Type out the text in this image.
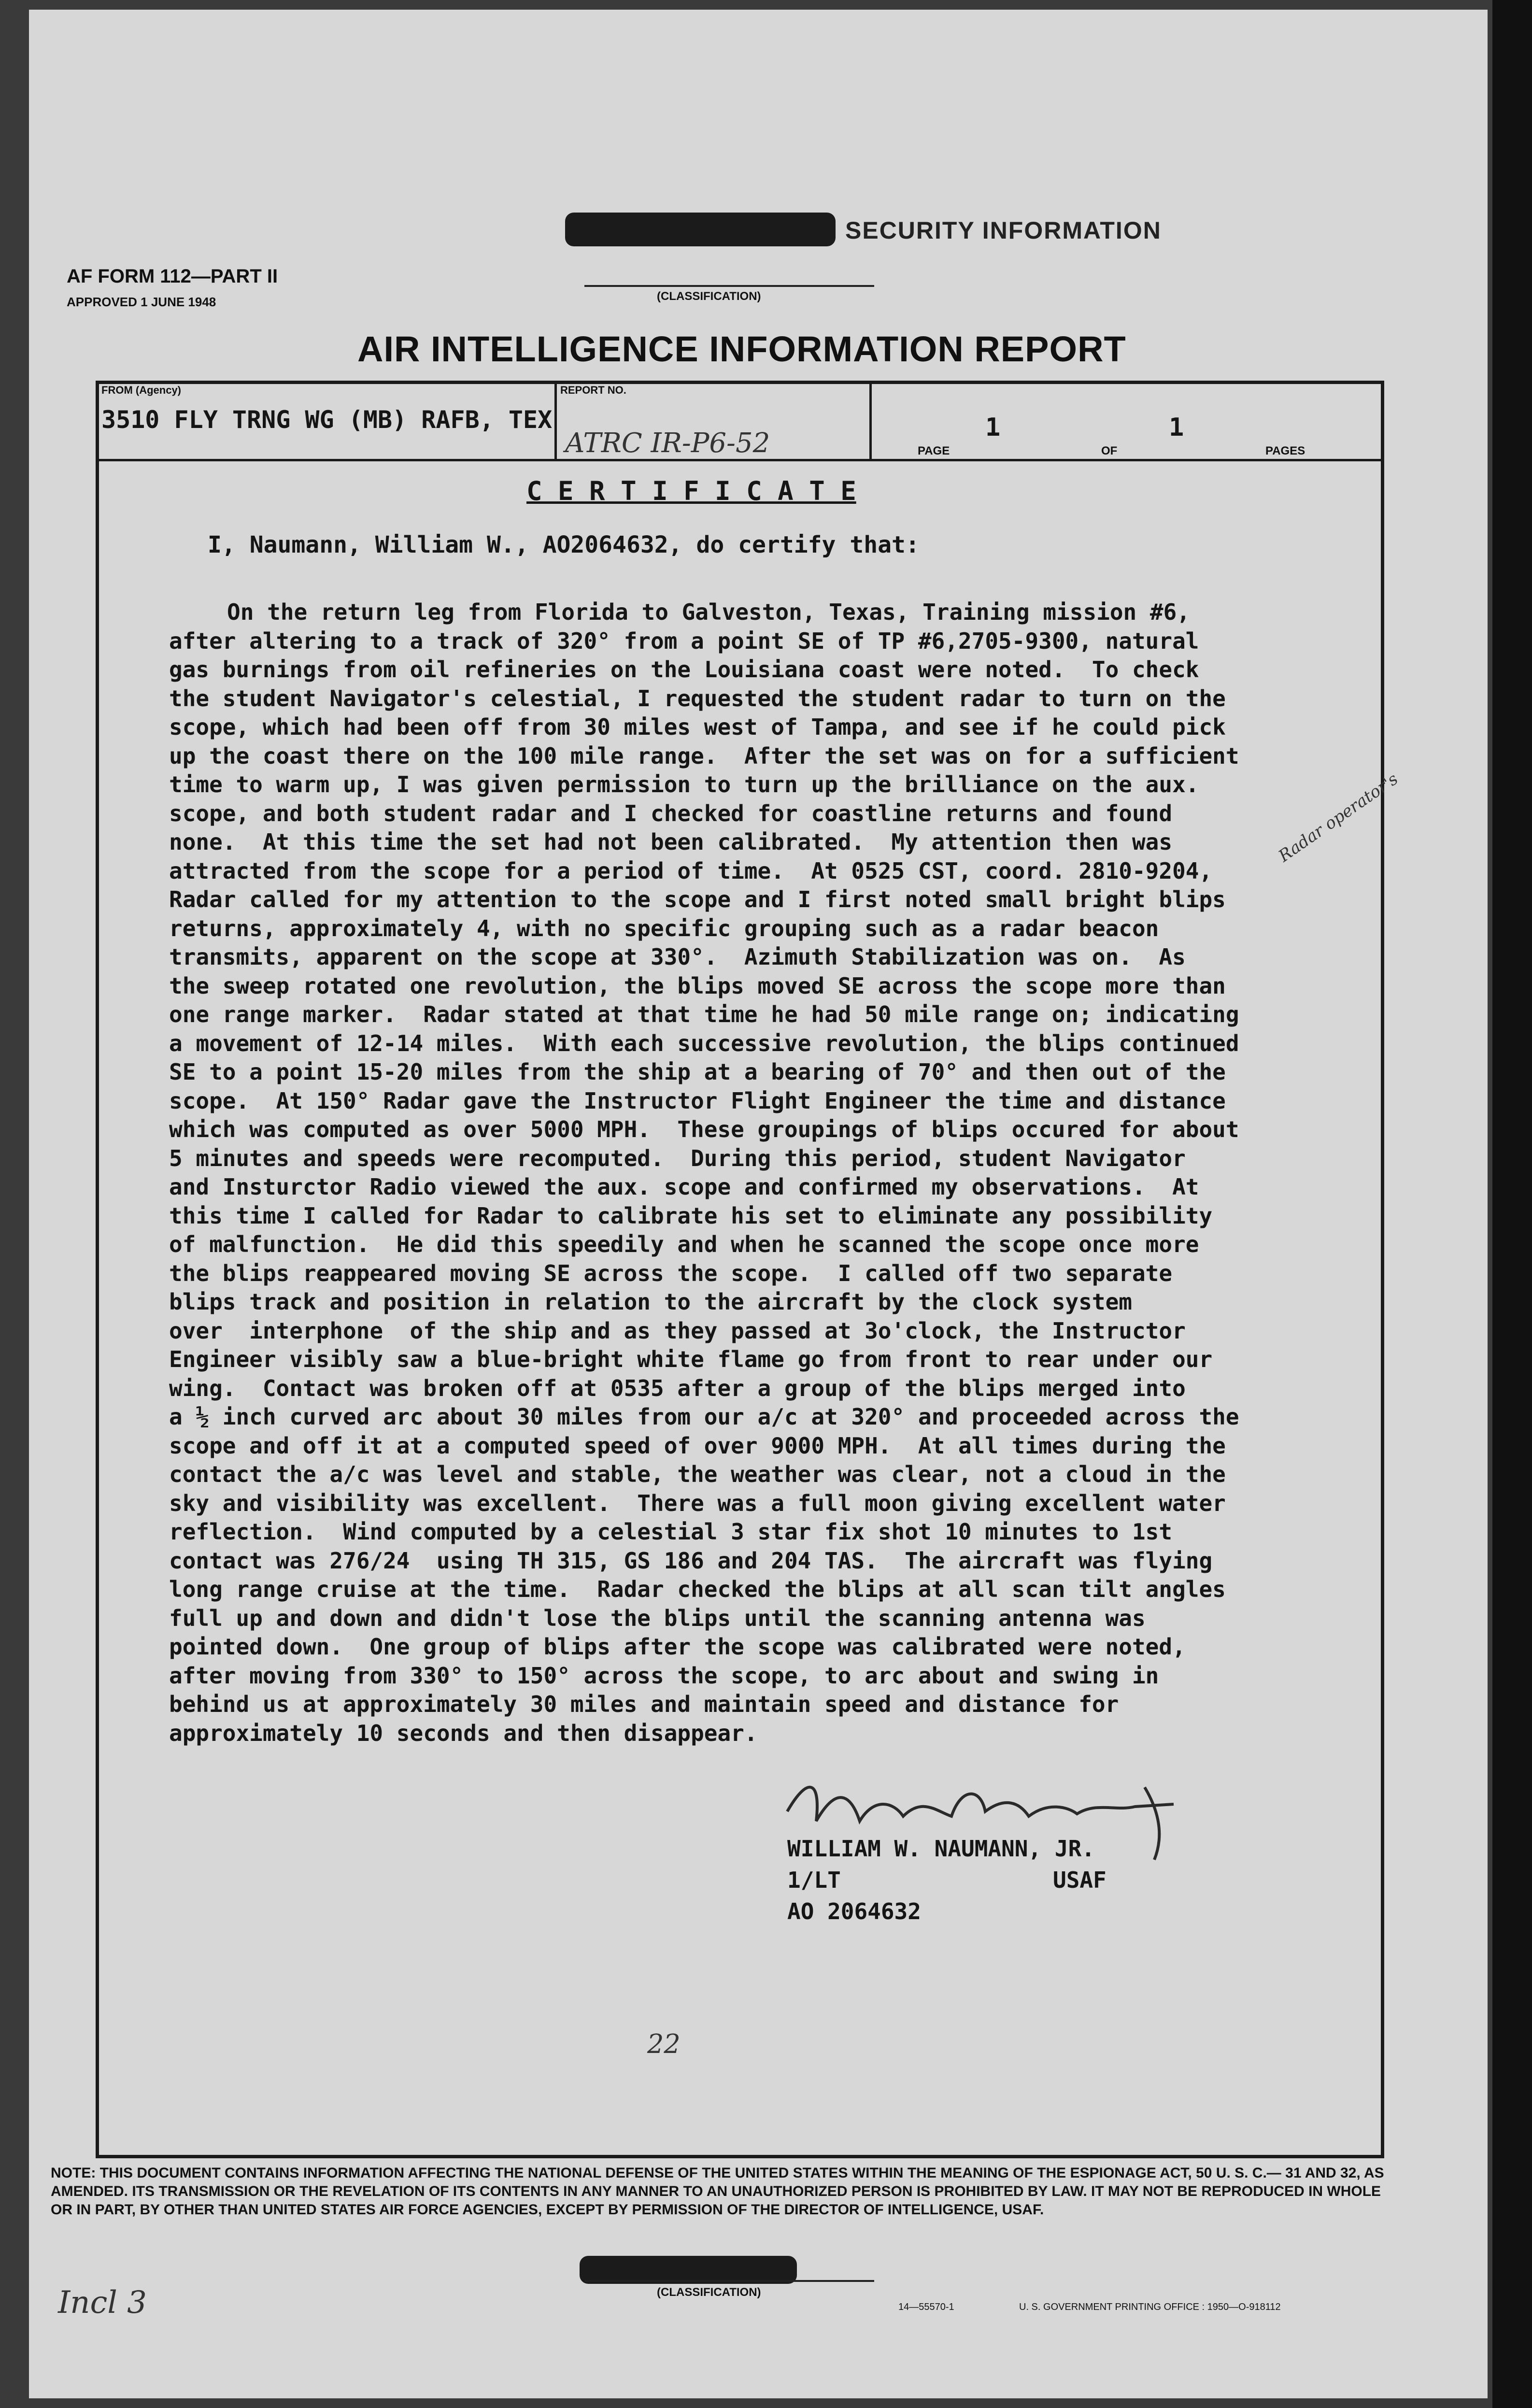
SECURITY INFORMATION
(CLASSIFICATION)
AF FORM 112—PART II
APPROVED 1 JUNE 1948
AIR INTELLIGENCE INFORMATION REPORT
FROM (Agency)
3510 FLY TRNG WG (MB) RAFB, TEX
REPORT NO.
ATRC IR-P6-52	PAGE
1
OF
1
PAGES
C E R T I F I C A T E
I, Naumann, William W., AO2064632, do certify that:
On the return leg from Florida to Galveston, Texas, Training mission #6,
after altering to a track of 320° from a point SE of TP #6,2705-9300, natural
gas burnings from oil refineries on the Louisiana coast were noted.  To check
the student Navigator's celestial, I requested the student radar to turn on the
scope, which had been off from 30 miles west of Tampa, and see if he could pick
up the coast there on the 100 mile range.  After the set was on for a sufficient
time to warm up, I was given permission to turn up the brilliance on the aux.
scope, and both student radar and I checked for coastline returns and found
none.  At this time the set had not been calibrated.  My attention then was
attracted from the scope for a period of time.  At 0525 CST, coord. 2810-9204,
Radar called for my attention to the scope and I first noted small bright blips
returns, approximately 4, with no specific grouping such as a radar beacon
transmits, apparent on the scope at 330°.  Azimuth Stabilization was on.  As
the sweep rotated one revolution, the blips moved SE across the scope more than
one range marker.  Radar stated at that time he had 50 mile range on; indicating
a movement of 12-14 miles.  With each successive revolution, the blips continued
SE to a point 15-20 miles from the ship at a bearing of 70° and then out of the
scope.  At 150° Radar gave the Instructor Flight Engineer the time and distance
which was computed as over 5000 MPH.  These groupings of blips occured for about
5 minutes and speeds were recomputed.  During this period, student Navigator
and Insturctor Radio viewed the aux. scope and confirmed my observations.  At
this time I called for Radar to calibrate his set to eliminate any possibility
of malfunction.  He did this speedily and when he scanned the scope once more
the blips reappeared moving SE across the scope.  I called off two separate
blips track and position in relation to the aircraft by the clock system
over  interphone  of the ship and as they passed at 3o'clock, the Instructor
Engineer visibly saw a blue-bright white flame go from front to rear under our
wing.  Contact was broken off at 0535 after a group of the blips merged into
a ½ inch curved arc about 30 miles from our a/c at 320° and proceeded across the
scope and off it at a computed speed of over 9000 MPH.  At all times during the
contact the a/c was level and stable, the weather was clear, not a cloud in the
sky and visibility was excellent.  There was a full moon giving excellent water
reflection.  Wind computed by a celestial 3 star fix shot 10 minutes to 1st
contact was 276/24  using TH 315, GS 186 and 204 TAS.  The aircraft was flying
long range cruise at the time.  Radar checked the blips at all scan tilt angles
full up and down and didn't lose the blips until the scanning antenna was
pointed down.  One group of blips after the scope was calibrated were noted,
after moving from 330° to 150° across the scope, to arc about and swing in
behind us at approximately 30 miles and maintain speed and distance for
approximately 10 seconds and then disappear.
Radar operator's
WILLIAM W. NAUMANN, JR.
1/LT	USAF
AO 2064632
22
NOTE: THIS DOCUMENT CONTAINS INFORMATION AFFECTING THE NATIONAL DEFENSE OF THE UNITED STATES WITHIN THE MEANING OF THE ESPIONAGE ACT, 50 U. S. C.— 31 AND 32, AS AMENDED. ITS TRANSMISSION OR THE REVELATION OF ITS CONTENTS IN ANY MANNER TO AN UNAUTHORIZED PERSON IS PROHIBITED BY LAW. IT MAY NOT BE REPRODUCED IN WHOLE OR IN PART, BY OTHER THAN UNITED STATES AIR FORCE AGENCIES, EXCEPT BY PERMISSION OF THE DIRECTOR OF INTELLIGENCE, USAF.
(CLASSIFICATION)
14—55570-1	U. S. GOVERNMENT PRINTING OFFICE : 1950—O-918112
Incl 3
